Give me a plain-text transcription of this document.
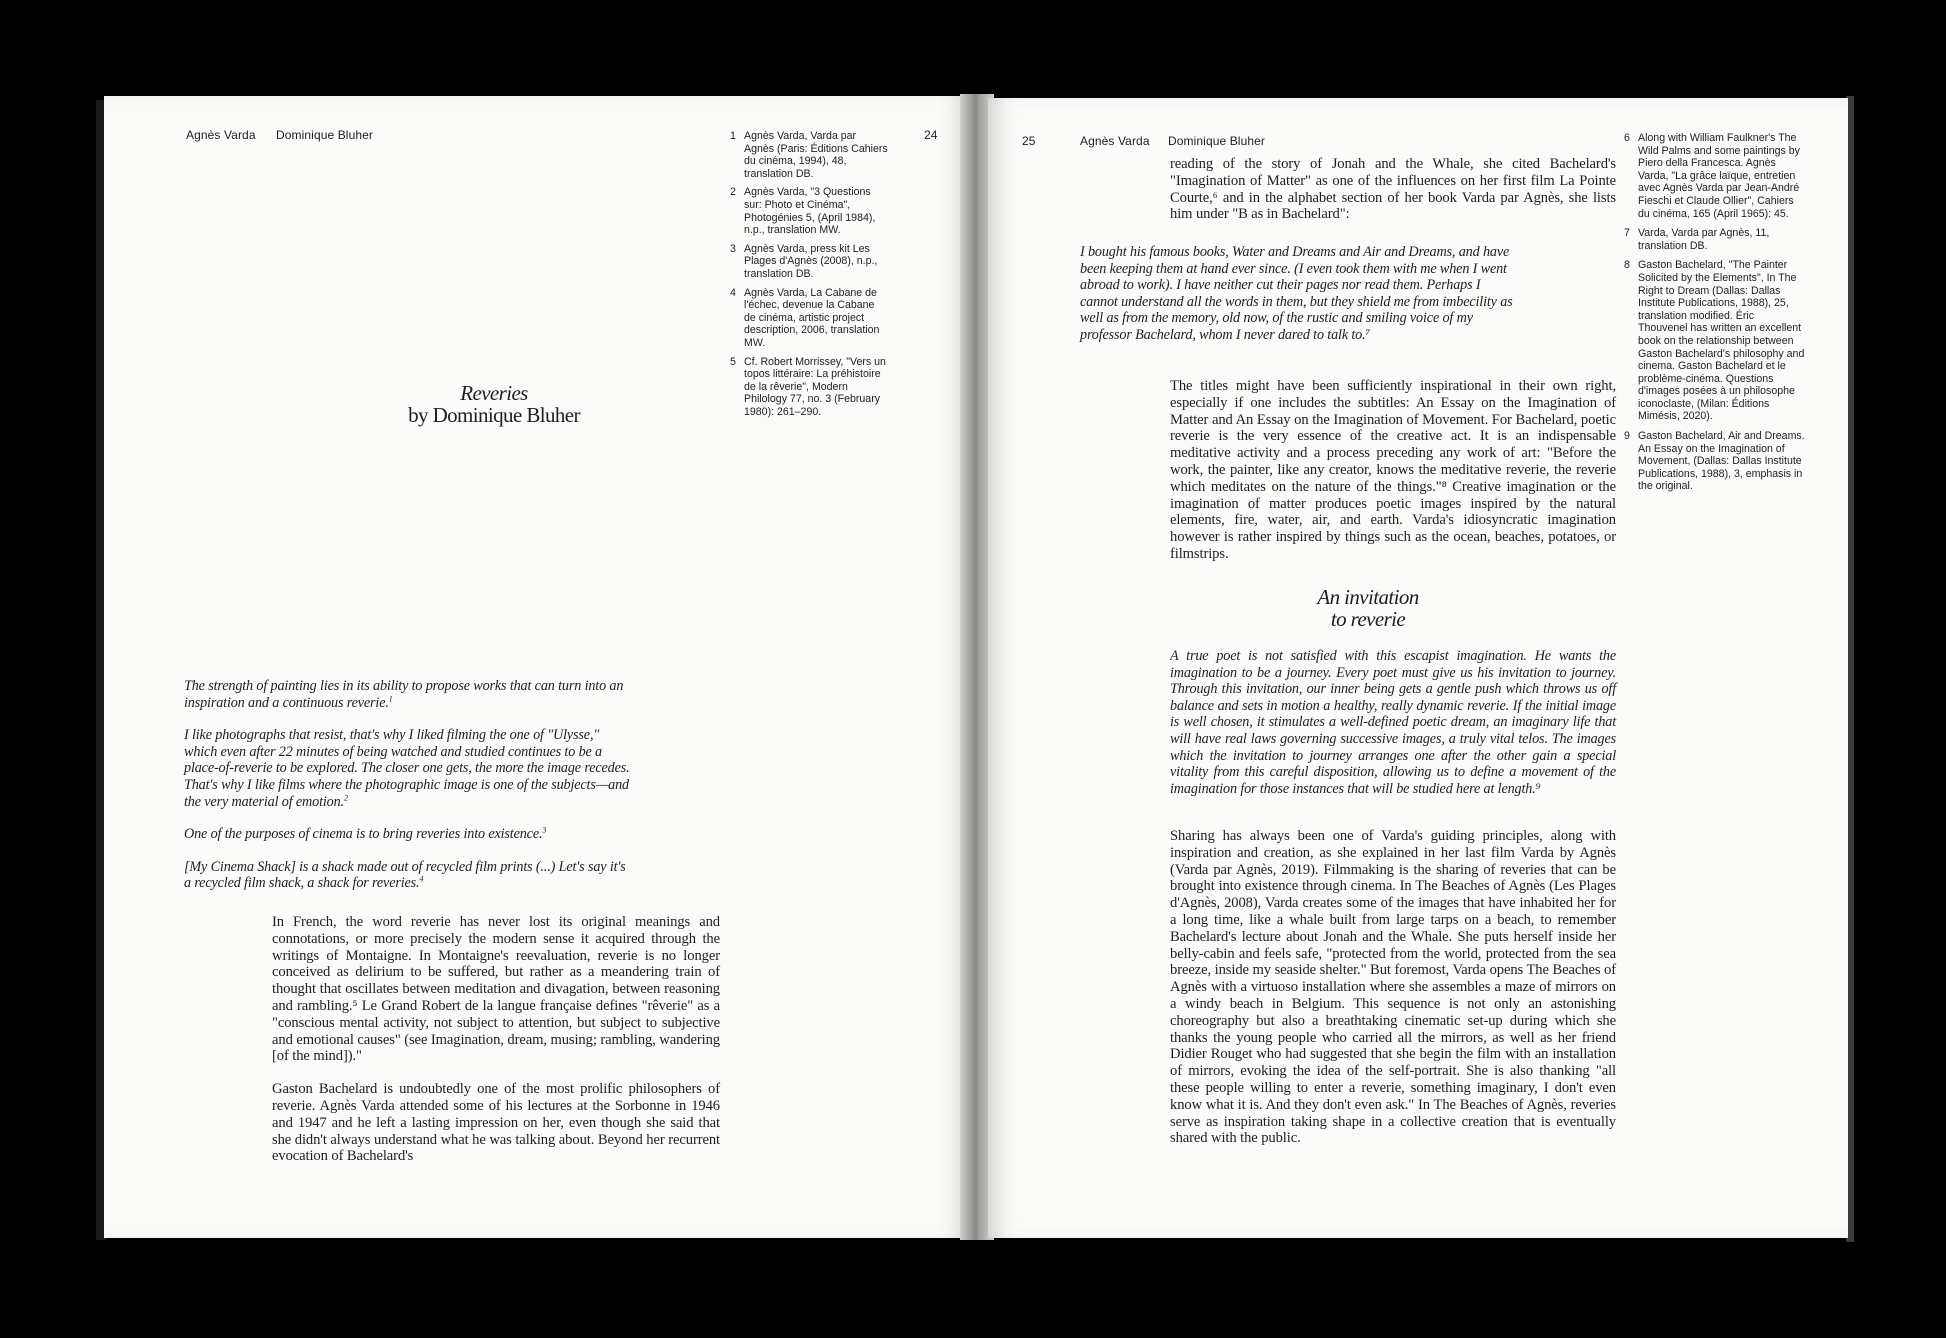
Agnès Varda Dominique Bluher	24
1 Agnès Varda, Varda par Agnès (Paris: Éditions Cahiers du cinéma, 1994), 48, translation DB.
2 Agnès Varda, "3 Questions sur: Photo et Cinéma", Photogénies 5, (April 1984), n.p., translation MW.
3 Agnès Varda, press kit Les Plages d'Agnès (2008), n.p., translation DB.
4 Agnès Varda, La Cabane de l'échec, devenue la Cabane de cinéma, artistic project description, 2006, translation MW.
5 Cf. Robert Morrissey, "Vers un topos littéraire: La préhistoire de la rêverie", Modern Philology 77, no. 3 (February 1980): 261–290.
Reveries
by Dominique Bluher

The strength of painting lies in its ability to propose works that can turn into an inspiration and a continuous reverie.$^1$

I like photographs that resist, that's why I liked filming the one of "Ulysse," which even after 22 minutes of being watched and studied continues to be a place-of-reverie to be explored. The closer one gets, the more the image recedes. That's why I like films where the photographic image is one of the subjects—and the very material of emotion.$^2$

One of the purposes of cinema is to bring reveries into existence.$^3$

[My Cinema Shack] is a shack made out of recycled film prints (...) Let's say it's a recycled film shack, a shack for reveries.$^4$

In French, the word reverie has never lost its original meanings and connotations, or more precisely the modern sense it acquired through the writings of Montaigne. In Montaigne's reevaluation, reverie is no longer conceived as delirium to be suffered, but rather as a meandering train of thought that oscillates between meditation and divagation, between reasoning and rambling.⁵ Le Grand Robert de la langue française defines "rêverie" as a "conscious mental activity, not subject to attention, but subject to subjective and emotional causes" (see Imagination, dream, musing; rambling, wandering [of the mind])."

Gaston Bachelard is undoubtedly one of the most prolific philosophers of reverie. Agnès Varda attended some of his lectures at the Sorbonne in 1946 and 1947 and he left a lasting impression on her, even though she said that she didn't always understand what he was talking about. Beyond her recurrent evocation of Bachelard's

25	Agnès Varda Dominique Bluher
reading of the story of Jonah and the Whale, she cited Bachelard's "Imagination of Matter" as one of the influences on her first film La Pointe Courte,⁶ and in the alphabet section of her book Varda par Agnès, she lists him under "B as in Bachelard":
I bought his famous books, Water and Dreams and Air and Dreams, and have been keeping them at hand ever since. (I even took them with me when I went abroad to work). I have neither cut their pages nor read them. Perhaps I cannot understand all the words in them, but they shield me from imbecility as well as from the memory, old now, of the rustic and smiling voice of my professor Bachelard, whom I never dared to talk to.⁷
The titles might have been sufficiently inspirational in their own right, especially if one includes the subtitles: An Essay on the Imagination of Matter and An Essay on the Imagination of Movement. For Bachelard, poetic reverie is the very essence of the creative act. It is an indispensable meditative activity and a process preceding any work of art: "Before the work, the painter, like any creator, knows the meditative reverie, the reverie which meditates on the nature of the things."⁸ Creative imagination or the imagination of matter produces poetic images inspired by the natural elements, fire, water, air, and earth. Varda's idiosyncratic imagination however is rather inspired by things such as the ocean, beaches, potatoes, or filmstrips.
An invitation
to reverie
A true poet is not satisfied with this escapist imagination. He wants the imagination to be a journey. Every poet must give us his invitation to journey. Through this invitation, our inner being gets a gentle push which throws us off balance and sets in motion a healthy, really dynamic reverie. If the initial image is well chosen, it stimulates a well-defined poetic dream, an imaginary life that will have real laws governing successive images, a truly vital telos. The images which the invitation to journey arranges one after the other gain a special vitality from this careful disposition, allowing us to define a movement of the imagination for those instances that will be studied here at length.⁹
Sharing has always been one of Varda's guiding principles, along with inspiration and creation, as she explained in her last film Varda by Agnès (Varda par Agnès, 2019). Filmmaking is the sharing of reveries that can be brought into existence through cinema. In The Beaches of Agnès (Les Plages d'Agnès, 2008), Varda creates some of the images that have inhabited her for a long time, like a whale built from large tarps on a beach, to remember Bachelard's lecture about Jonah and the Whale. She puts herself inside her belly-cabin and feels safe, "protected from the world, protected from the sea breeze, inside my seaside shelter." But foremost, Varda opens The Beaches of Agnès with a virtuoso installation where she assembles a maze of mirrors on a windy beach in Belgium. This sequence is not only an astonishing choreography but also a breathtaking cinematic set-up during which she thanks the young people who carried all the mirrors, as well as her friend Didier Rouget who had suggested that she begin the film with an installation of mirrors, evoking the idea of the self-portrait. She is also thanking "all these people willing to enter a reverie, something imaginary, I don't even know what it is. And they don't even ask." In The Beaches of Agnès, reveries serve as inspiration taking shape in a collective creation that is eventually shared with the public.
6 Along with William Faulkner's The Wild Palms and some paintings by Piero della Francesca. Agnès Varda, "La grâce laïque, entretien avec Agnès Varda par Jean-André Fieschi et Claude Ollier", Cahiers du cinéma, 165 (April 1965): 45.
7 Varda, Varda par Agnès, 11, translation DB.
8 Gaston Bachelard, "The Painter Solicited by the Elements", In The Right to Dream (Dallas: Dallas Institute Publications, 1988), 25, translation modified. Éric Thouvenel has written an excellent book on the relationship between Gaston Bachelard's philosophy and cinema. Gaston Bachelard et le problème-cinéma. Questions d'images posées à un philosophe iconoclaste, (Milan: Éditions Mimésis, 2020).
9 Gaston Bachelard, Air and Dreams. An Essay on the Imagination of Movement, (Dallas: Dallas Institute Publications, 1988), 3, emphasis in the original.
